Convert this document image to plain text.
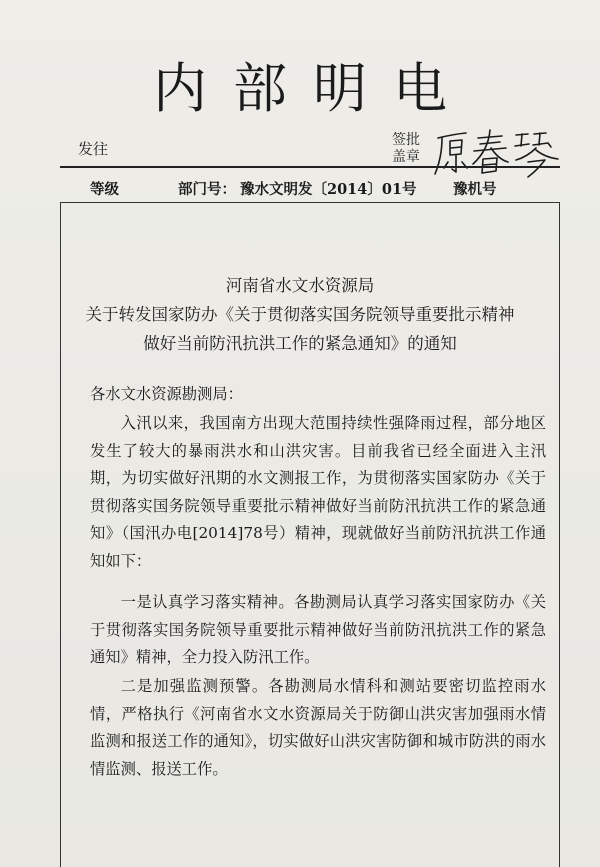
内部明电
发往	签批
盖章
等级	部门号： 豫水文明发〔2014〕01号	豫机号
河南省水文水资源局
关于转发国家防办《关于贯彻落实国务院领导重要批示精神
做好当前防汛抗洪工作的紧急通知》的通知

各水文水资源勘测局：

入汛以来，我国南方出现大范围持续性强降雨过程，部分地区发生了较大的暴雨洪水和山洪灾害。目前我省已经全面进入主汛期，为切实做好汛期的水文测报工作，为贯彻落实国家防办《关于贯彻落实国务院领导重要批示精神做好当前防汛抗洪工作的紧急通知》（国汛办电[2014]78号）精神，现就做好当前防汛抗洪工作通知如下：

一是认真学习落实精神。各勘测局认真学习落实国家防办《关于贯彻落实国务院领导重要批示精神做好当前防汛抗洪工作的紧急通知》精神，全力投入防汛工作。

二是加强监测预警。各勘测局水情科和测站要密切监控雨水情，严格执行《河南省水文水资源局关于防御山洪灾害加强雨水情监测和报送工作的通知》，切实做好山洪灾害防御和城市防洪的雨水情监测、报送工作。
